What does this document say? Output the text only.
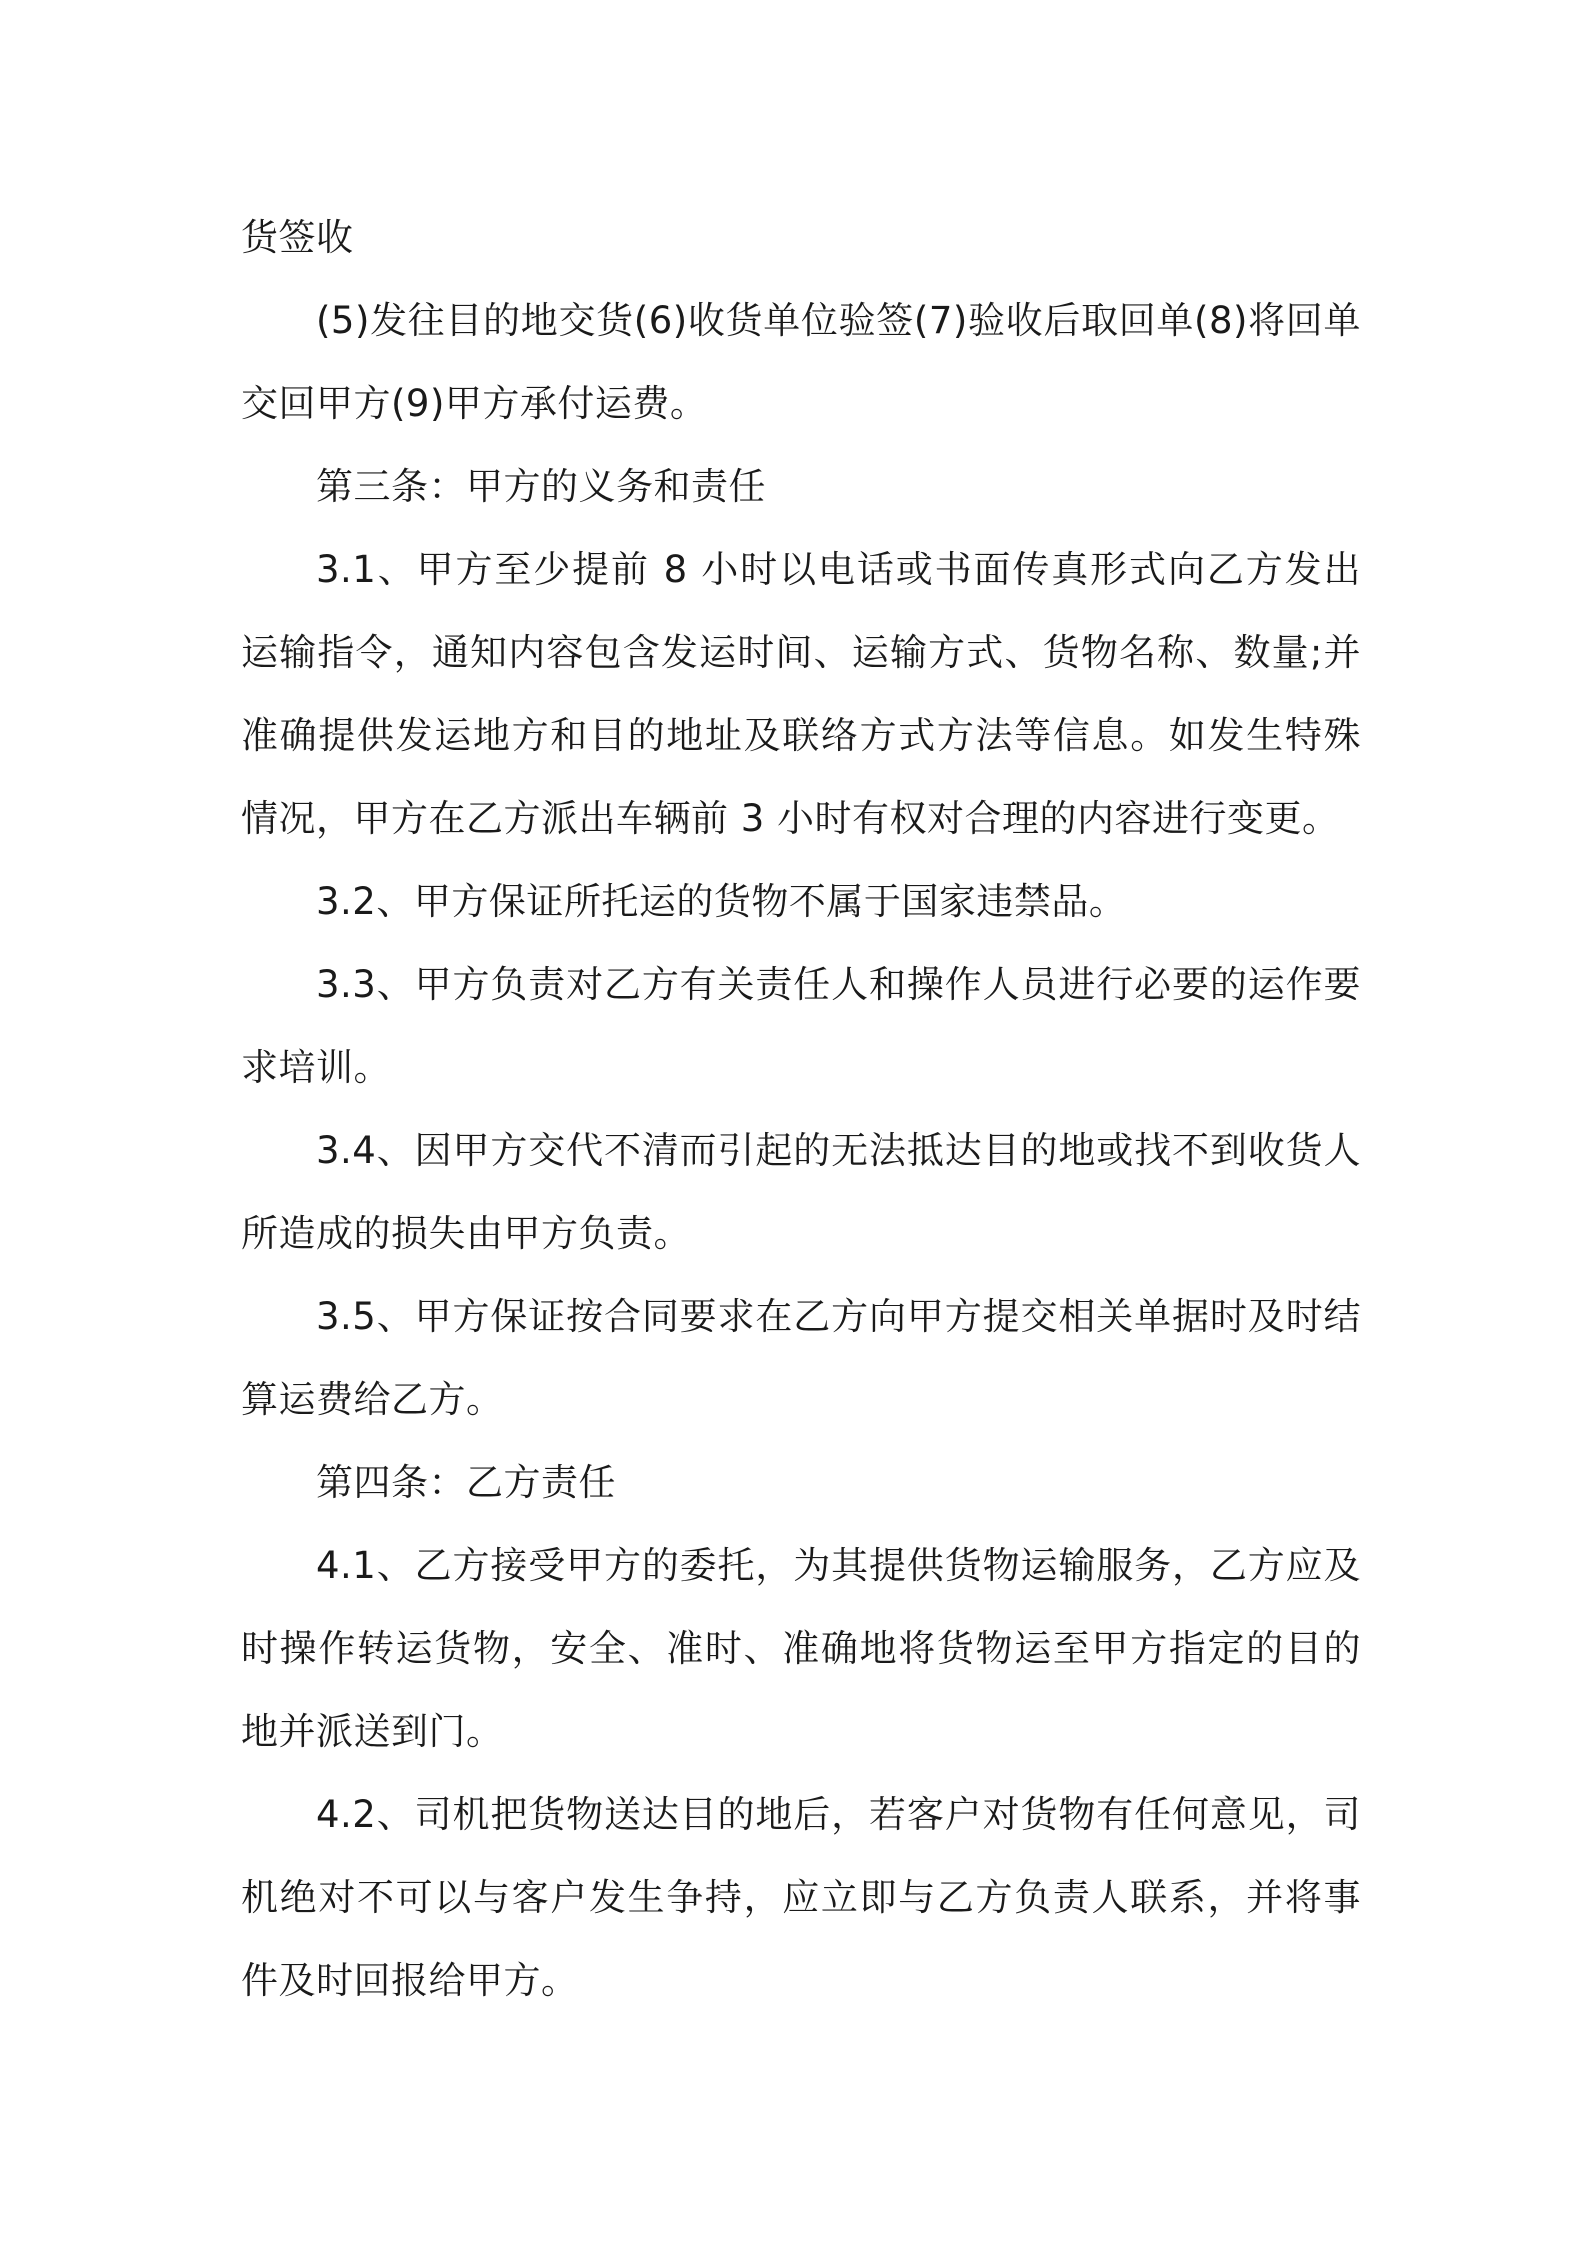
货签收

(5)发往目的地交货(6)收货单位验签(7)验收后取回单(8)将回单交回甲方(9)甲方承付运费。

第三条：甲方的义务和责任

3.1、甲方至少提前 8 小时以电话或书面传真形式向乙方发出运输指令，通知内容包含发运时间、运输方式、货物名称、数量;并准确提供发运地方和目的地址及联络方式方法等信息。如发生特殊情况，甲方在乙方派出车辆前 3 小时有权对合理的内容进行变更。

3.2、甲方保证所托运的货物不属于国家违禁品。

3.3、甲方负责对乙方有关责任人和操作人员进行必要的运作要求培训。

3.4、因甲方交代不清而引起的无法抵达目的地或找不到收货人所造成的损失由甲方负责。

3.5、甲方保证按合同要求在乙方向甲方提交相关单据时及时结算运费给乙方。

第四条：乙方责任

4.1、乙方接受甲方的委托，为其提供货物运输服务，乙方应及时操作转运货物，安全、准时、准确地将货物运至甲方指定的目的地并派送到门。

4.2、司机把货物送达目的地后，若客户对货物有任何意见，司机绝对不可以与客户发生争持，应立即与乙方负责人联系，并将事件及时回报给甲方。
